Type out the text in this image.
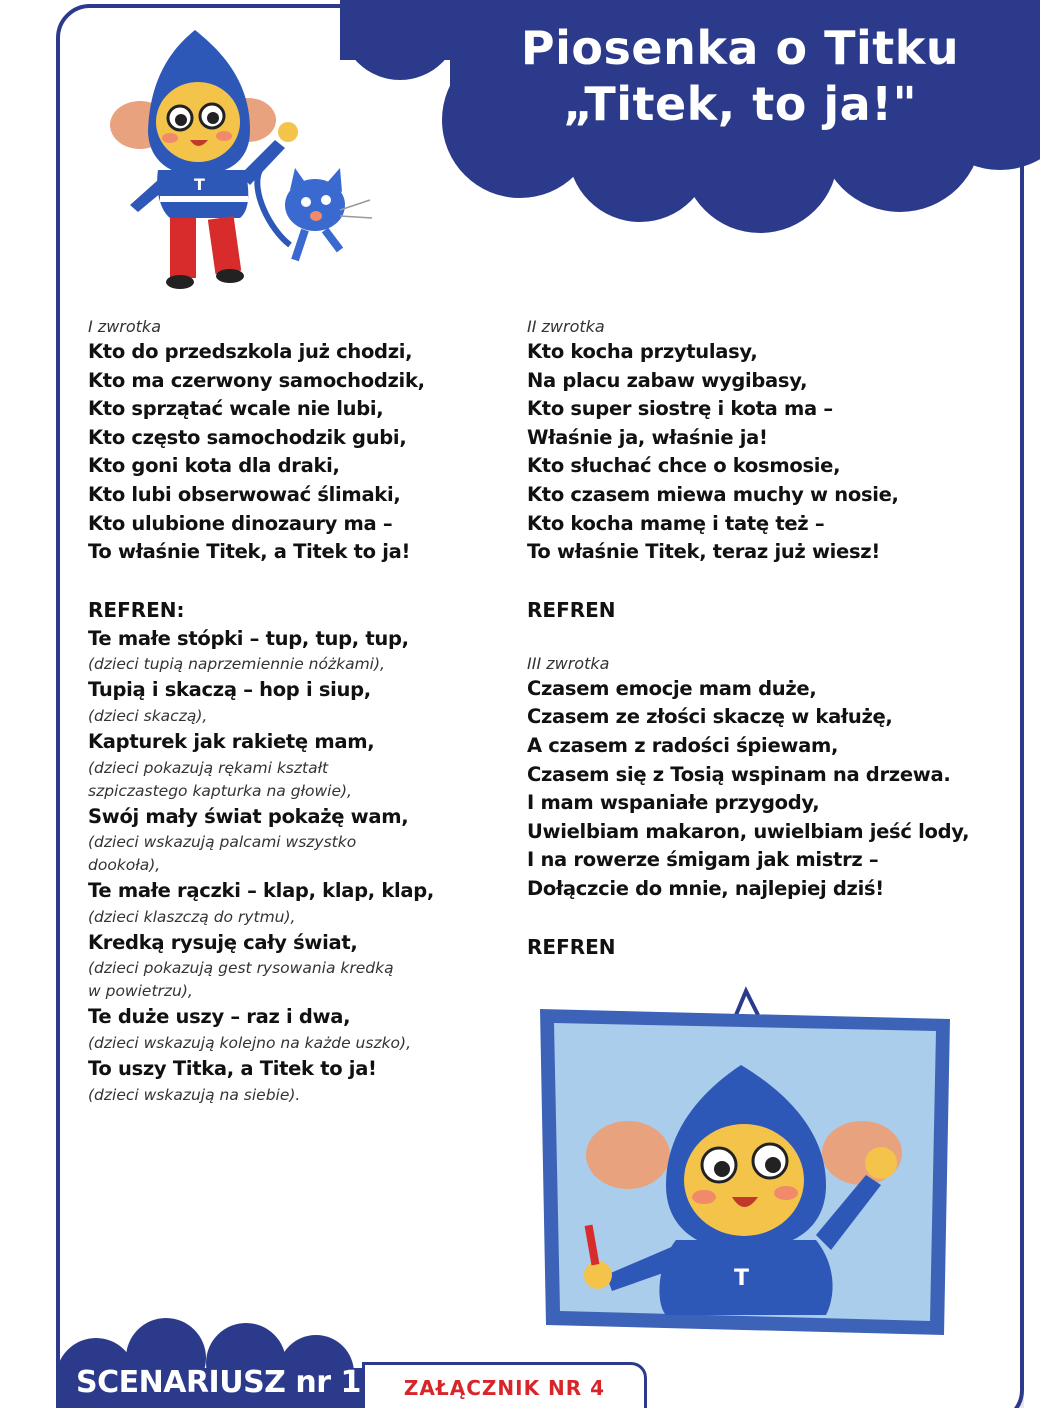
Piosenka o Titku
„Titek, to ja!"
T
I zwrotka
Kto do przedszkola już chodzi,
Kto ma czerwony samochodzik,
Kto sprzątać wcale nie lubi,
Kto często samochodzik gubi,
Kto goni kota dla draki,
Kto lubi obserwować ślimaki,
Kto ulubione dinozaury ma –
To właśnie Titek, a Titek to ja!
REFREN:
Te małe stópki – tup, tup, tup,
(dzieci tupią naprzemiennie nóżkami),
Tupią i skaczą – hop i siup,
(dzieci skaczą),
Kapturek jak rakietę mam,
(dzieci pokazują rękami kształt
szpiczastego kapturka na głowie),
Swój mały świat pokażę wam,
(dzieci wskazują palcami wszystko
dookoła),
Te małe rączki – klap, klap, klap,
(dzieci klaszczą do rytmu),
Kredką rysuję cały świat,
(dzieci pokazują gest rysowania kredką
w powietrzu),
Te duże uszy – raz i dwa,
(dzieci wskazują kolejno na każde uszko),
To uszy Titka, a Titek to ja!
(dzieci wskazują na siebie).
II zwrotka
Kto kocha przytulasy,
Na placu zabaw wygibasy,
Kto super siostrę i kota ma –
Właśnie ja, właśnie ja!
Kto słuchać chce o kosmosie,
Kto czasem miewa muchy w nosie,
Kto kocha mamę i tatę też –
To właśnie Titek, teraz już wiesz!
REFREN
III zwrotka
Czasem emocje mam duże,
Czasem ze złości skaczę w kałużę,
A czasem z radości śpiewam,
Czasem się z Tosią wspinam na drzewa.
I mam wspaniałe przygody,
Uwielbiam makaron, uwielbiam jeść lody,
I na rowerze śmigam jak mistrz –
Dołączcie do mnie, najlepiej dziś!
REFREN
T
SCENARIUSZ nr 1	ZAŁĄCZNIK NR 4
